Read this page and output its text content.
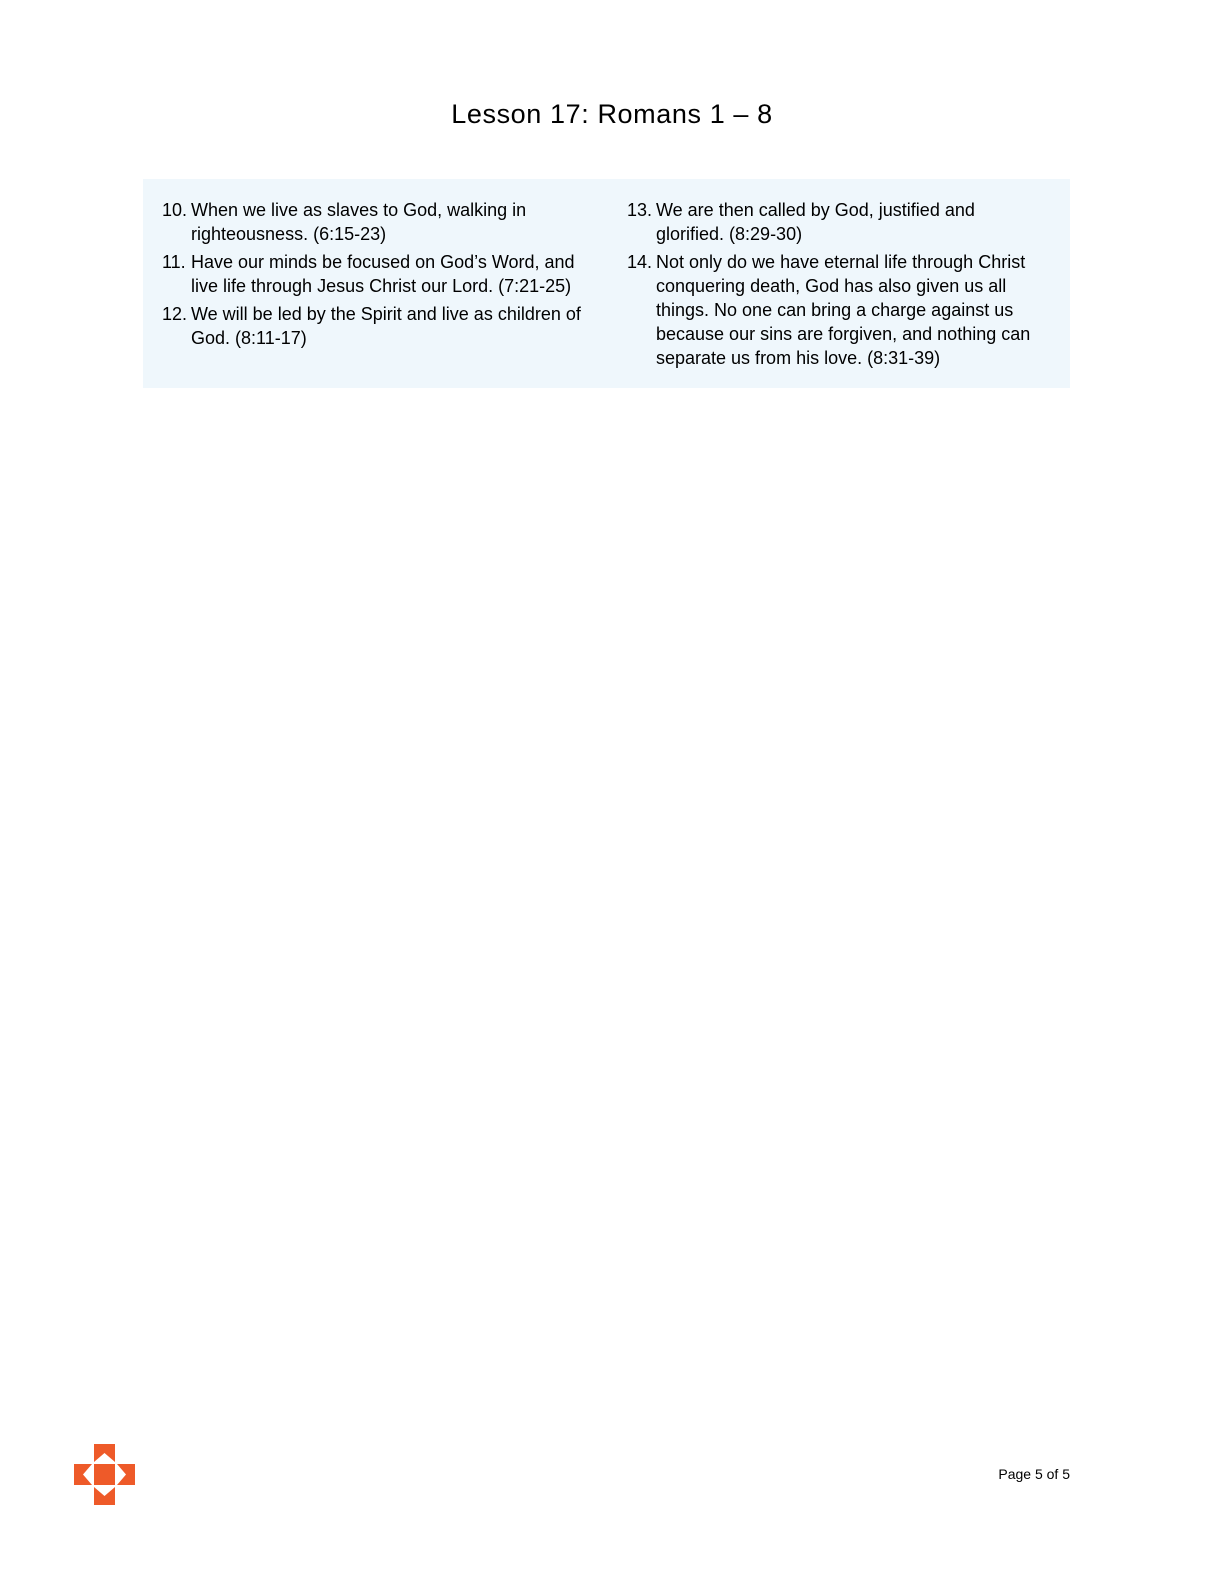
Lesson 17: Romans 1 – 8
10. When we live as slaves to God, walking in righteousness. (6:15-23)
11. Have our minds be focused on God’s Word, and live life through Jesus Christ our Lord. (7:21-25)
12. We will be led by the Spirit and live as children of God. (8:11-17)
13. We are then called by God, justified and glorified. (8:29-30)
14. Not only do we have eternal life through Christ conquering death, God has also given us all things. No one can bring a charge against us because our sins are forgiven, and nothing can separate us from his love. (8:31-39)
Page 5 of 5
